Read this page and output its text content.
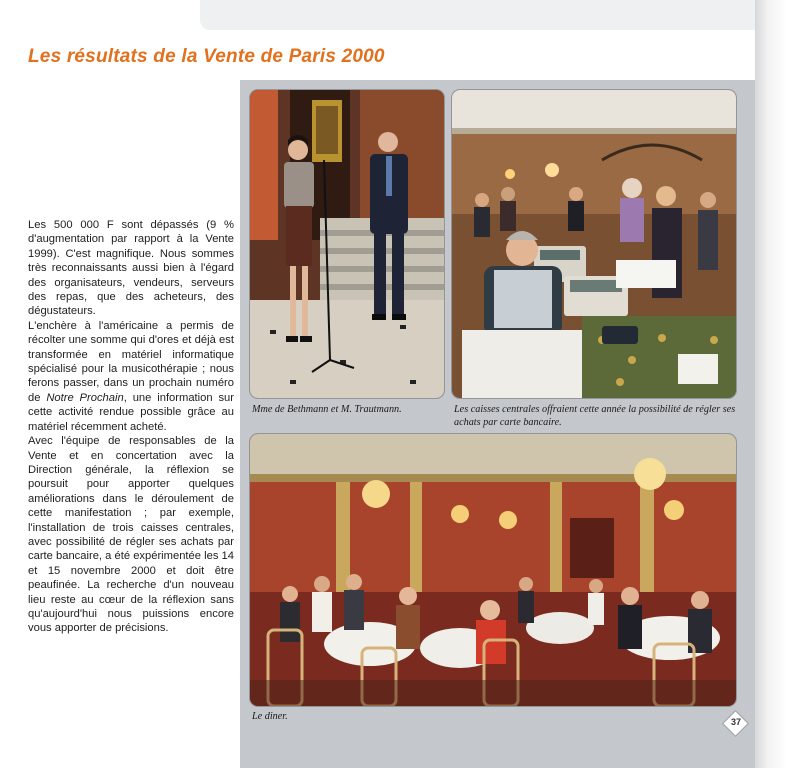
Les résultats de la Vente de Paris 2000

Les 500 000 F sont dépassés (9 % d'augmentation par rapport à la Vente 1999). C'est magnifique. Nous sommes très reconnaissants aussi bien à l'égard des organisateurs, vendeurs, serveurs des repas, que des acheteurs, des dégustateurs.

L'enchère à l'américaine a permis de récolter une somme qui d'ores et déjà est transformée en matériel informatique spécialisé pour la musicothérapie ; nous ferons passer, dans un prochain numéro de Notre Prochain, une information sur cette activité rendue possible grâce au matériel récemment acheté.

Avec l'équipe de responsables de la Vente et en concertation avec la Direction générale, la réflexion se poursuit pour apporter quelques améliorations dans le déroulement de cette manifestation ; par exemple, l'installation de trois caisses centrales, avec possibilité de régler ses achats par carte bancaire, a été expérimentée les 14 et 15 novembre 2000 et doit être peaufinée. La recherche d'un nouveau lieu reste au cœur de la réflexion sans qu'aujourd'hui nous puissions encore vous apporter de précisions.

Mme de Bethmann et M. Trautmann.	Les caisses centrales offraient cette année la possibilité de régler ses achats par carte bancaire.

Le diner.	37
